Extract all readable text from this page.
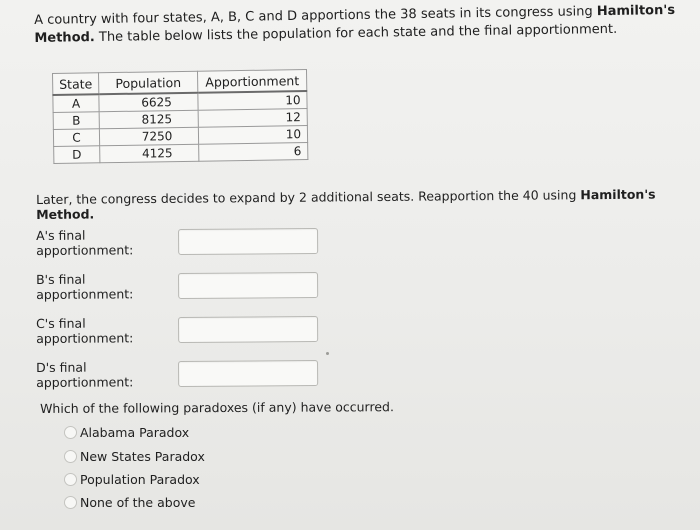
A country with four states, A, B, C and D apportions the 38 seats in its congress using Hamilton's Method. The table below lists the population for each state and the final apportionment.
State	Population	Apportionment
A	6625	10
B	8125	12
C	7250	10
D	4125	6
Later, the congress decides to expand by 2 additional seats. Reapportion the 40 using Hamilton's Method.
A's final apportionment:
B's final apportionment:
C's final apportionment:
D's final apportionment:
Which of the following paradoxes (if any) have occurred.
Alabama Paradox
New States Paradox
Population Paradox
None of the above
